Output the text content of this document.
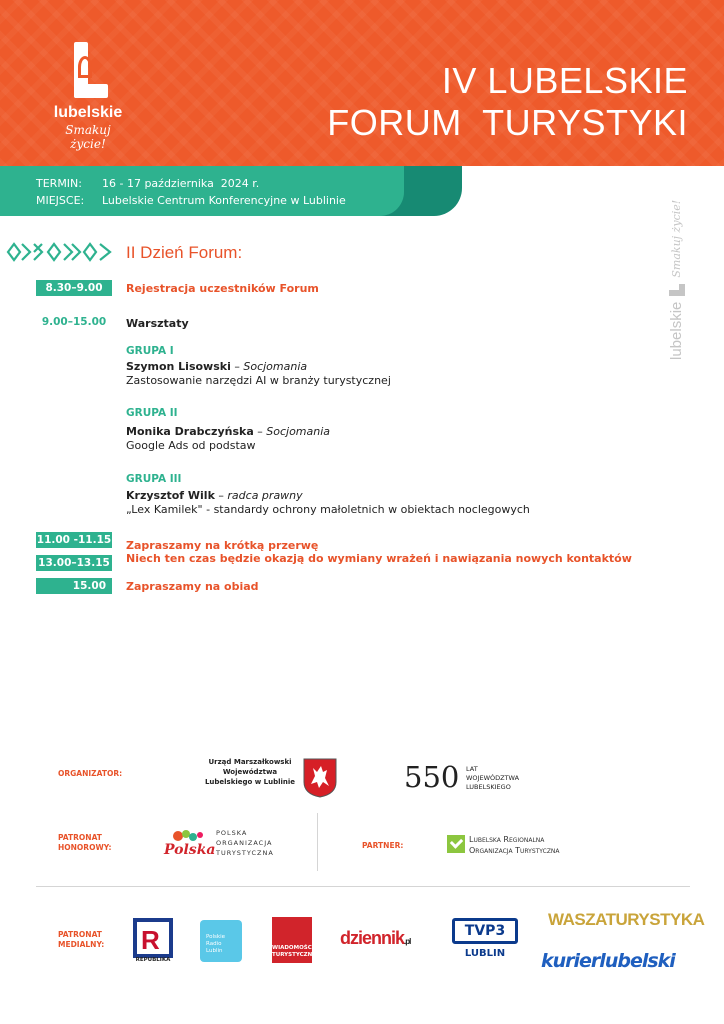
lubelskie
Smakuj życie!
IV LUBELSKIE
FORUM  TURYSTYKI
TERMIN:	16 - 17 października  2024 r.
MIEJSCE:	Lubelskie Centrum Konferencyjne w Lublinie
lubelskie
Smakuj życie!
II Dzień Forum:
8.30–9.00	Rejestracja uczestników Forum
9.00–15.00	Warsztaty
GRUPA I
Szymon Lisowski – Socjomania
Zastosowanie narzędzi AI w branży turystycznej
GRUPA II
Monika Drabczyńska – Socjomania
Google Ads od podstaw
GRUPA III
Krzysztof Wilk – radca prawny
„Lex Kamilek" - standardy ochrony małoletnich w obiektach noclegowych
11.00 -11.15 Zapraszamy na krótką przerwę
13.00–13.15 Niech ten czas będzie okazją do wymiany wrażeń i nawiązania nowych kontaktów
15.00	Zapraszamy na obiad
ORGANIZATOR:
Urząd Marszałkowski Województwa Lubelskiego w Lublinie	550 LAT
WOJEWÓDZTWA
LUBELSKIEGO
PATRONAT
HONOROWY:	Polska
POLSKA
ORGANIZACJA
TURYSTYCZNA
PARTNER:
Lubelska Regionalna
Organizacja Turystyczna
PATRONAT
MEDIALNY: R
REPUBLIKA
Polskie
Radio
Lublin	WIADOMOŚCI
TURYSTYCZNE
dziennik.pl
TVP3
LUBLIN
WASZATURYSTYKA
kurierlubelski
